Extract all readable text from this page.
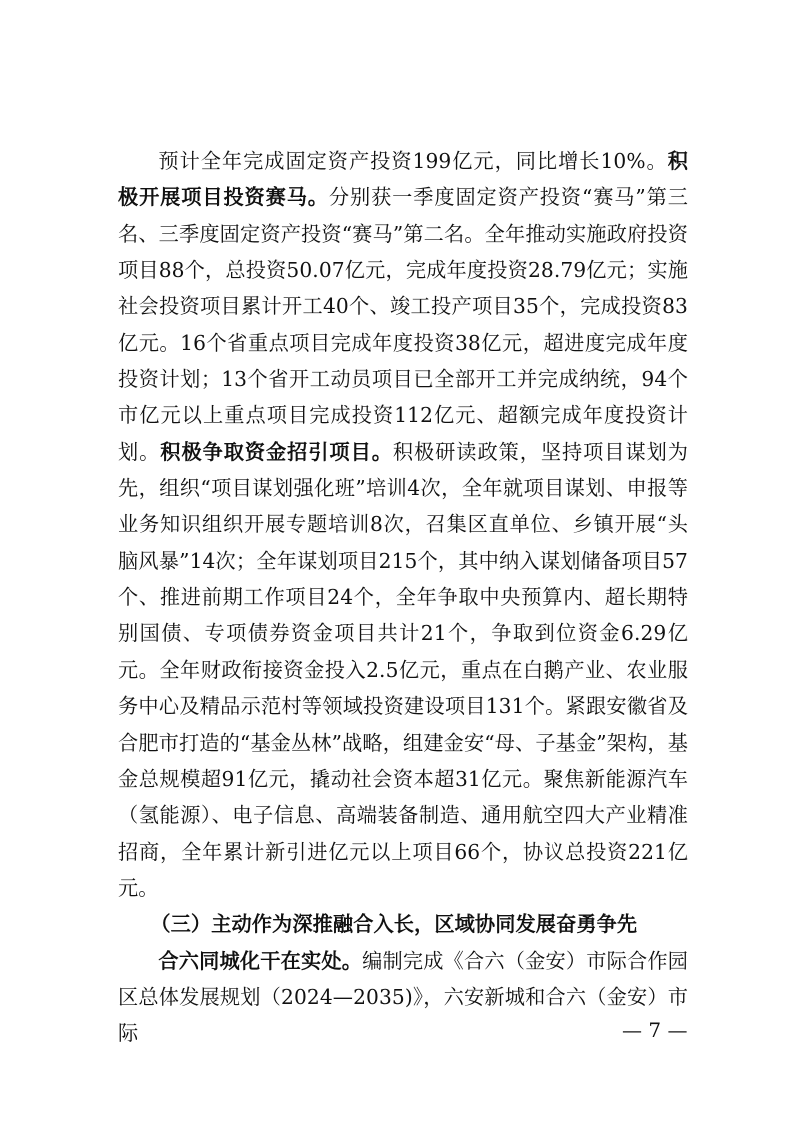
预计全年完成固定资产投资199亿元，同比增长10%。积极开展项目投资赛马。分别获一季度固定资产投资“赛马”第三名、三季度固定资产投资“赛马”第二名。全年推动实施政府投资项目88个，总投资50.07亿元，完成年度投资28.79亿元；实施社会投资项目累计开工40个、竣工投产项目35个，完成投资83亿元。16个省重点项目完成年度投资38亿元，超进度完成年度投资计划；13个省开工动员项目已全部开工并完成纳统，94个市亿元以上重点项目完成投资112亿元、超额完成年度投资计划。积极争取资金招引项目。积极研读政策，坚持项目谋划为先，组织“项目谋划强化班”培训4次，全年就项目谋划、申报等业务知识组织开展专题培训8次，召集区直单位、乡镇开展“头脑风暴”14次；全年谋划项目215个，其中纳入谋划储备项目57个、推进前期工作项目24个，全年争取中央预算内、超长期特别国债、专项债券资金项目共计21个，争取到位资金6.29亿元。全年财政衔接资金投入2.5亿元，重点在白鹅产业、农业服务中心及精品示范村等领域投资建设项目131个。紧跟安徽省及合肥市打造的“基金丛林”战略，组建金安“母、子基金”架构，基金总规模超91亿元，撬动社会资本超31亿元。聚焦新能源汽车（氢能源）、电子信息、高端装备制造、通用航空四大产业精准招商，全年累计新引进亿元以上项目66个，协议总投资221亿元。

（三）主动作为深推融合入长，区域协同发展奋勇争先

合六同城化干在实处。编制完成《合六（金安）市际合作园区总体发展规划（2024—2035)》，六安新城和合六（金安）市际	— 7 —
